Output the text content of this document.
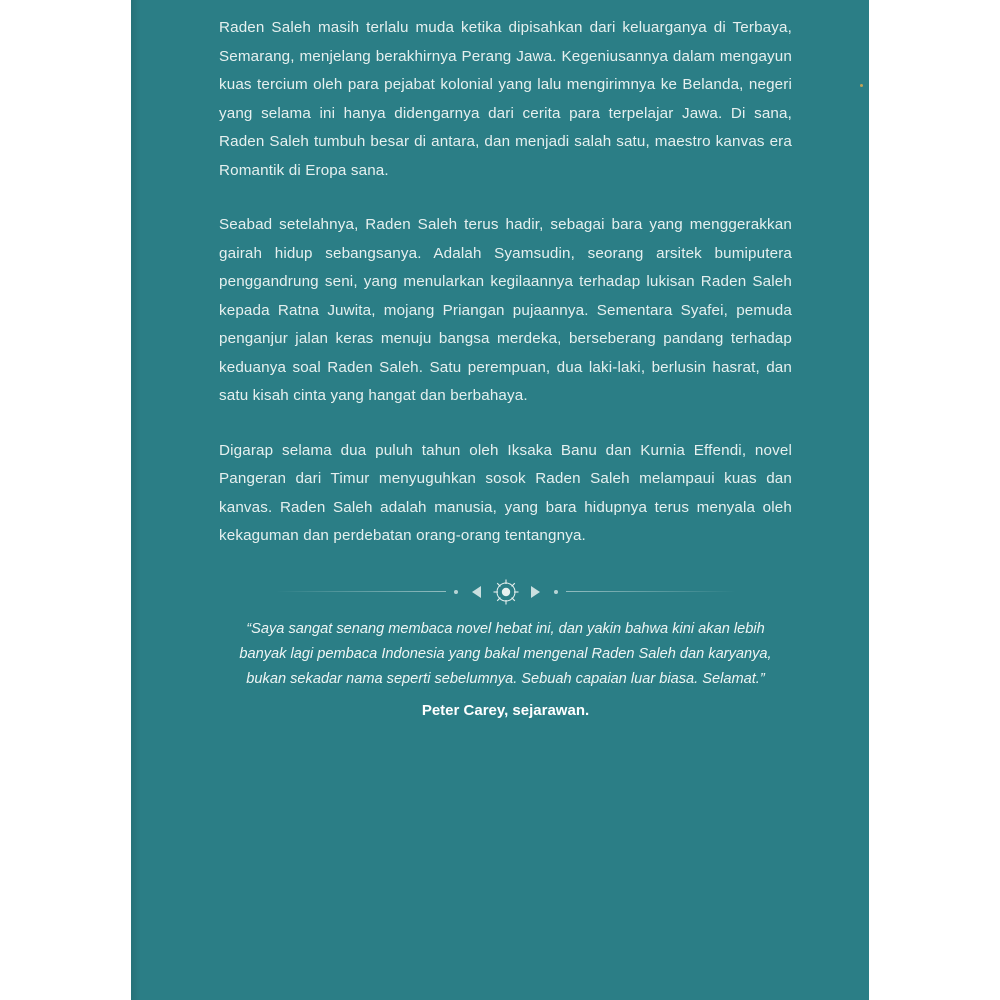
Raden Saleh masih terlalu muda ketika dipisahkan dari keluarganya di Terbaya, Semarang, menjelang berakhirnya Perang Jawa. Kegeniusannya dalam mengayun kuas tercium oleh para pejabat kolonial yang lalu mengirimnya ke Belanda, negeri yang selama ini hanya didengarnya dari cerita para terpelajar Jawa. Di sana, Raden Saleh tumbuh besar di antara, dan menjadi salah satu, maestro kanvas era Romantik di Eropa sana.

Seabad setelahnya, Raden Saleh terus hadir, sebagai bara yang menggerakkan gairah hidup sebangsanya. Adalah Syamsudin, seorang arsitek bumiputera penggandrung seni, yang menularkan kegilaannya terhadap lukisan Raden Saleh kepada Ratna Juwita, mojang Priangan pujaannya. Sementara Syafei, pemuda penganjur jalan keras menuju bangsa merdeka, berseberang pandang terhadap keduanya soal Raden Saleh. Satu perempuan, dua laki-laki, berlusin hasrat, dan satu kisah cinta yang hangat dan berbahaya.

Digarap selama dua puluh tahun oleh Iksaka Banu dan Kurnia Effendi, novel Pangeran dari Timur menyuguhkan sosok Raden Saleh melampaui kuas dan kanvas. Raden Saleh adalah manusia, yang bara hidupnya terus menyala oleh kekaguman dan perdebatan orang-orang tentangnya.

“Saya sangat senang membaca novel hebat ini, dan yakin bahwa kini akan lebih banyak lagi pembaca Indonesia yang bakal mengenal Raden Saleh dan karyanya, bukan sekadar nama seperti sebelumnya. Sebuah capaian luar biasa. Selamat.”

Peter Carey, sejarawan.
